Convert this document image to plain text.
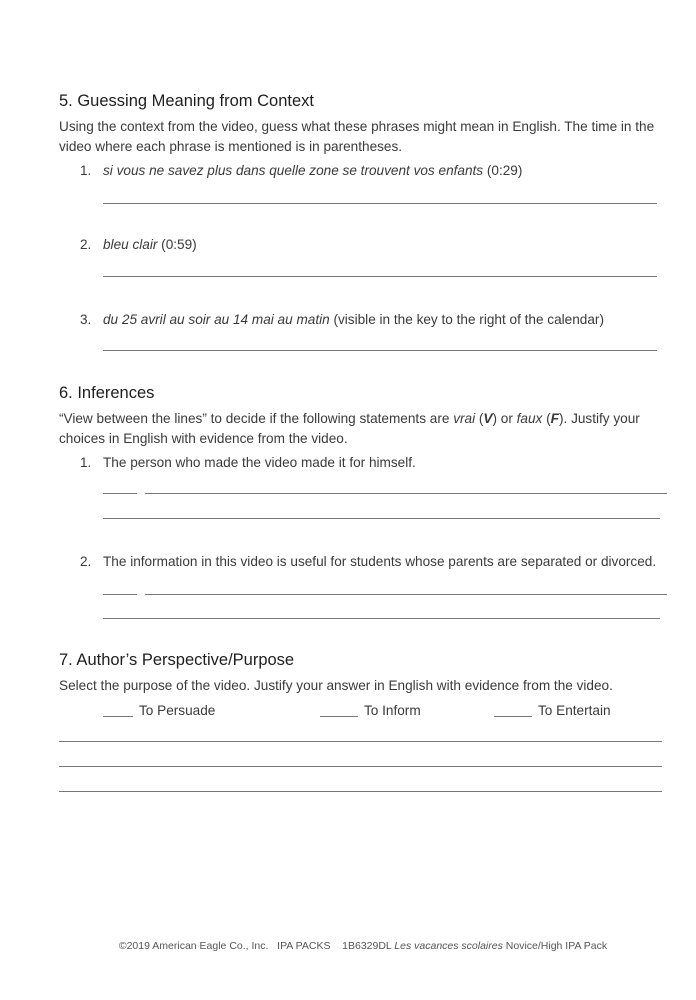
5. Guessing Meaning from Context
Using the context from the video, guess what these phrases might mean in English. The time in the
video where each phrase is mentioned is in parentheses.
1. si vous ne savez plus dans quelle zone se trouvent vos enfants (0:29)
2. bleu clair (0:59)
3. du 25 avril au soir au 14 mai au matin (visible in the key to the right of the calendar)
6. Inferences
“View between the lines” to decide if the following statements are vrai (V) or faux (F). Justify your
choices in English with evidence from the video.
1. The person who made the video made it for himself.
2. The information in this video is useful for students whose parents are separated or divorced.
7. Author’s Perspective/Purpose
Select the purpose of the video. Justify your answer in English with evidence from the video.
To Persuade	To Inform	To Entertain
©2019 American Eagle Co., Inc.   IPA PACKS    1B6329DL Les vacances scolaires Novice/High IPA Pack
